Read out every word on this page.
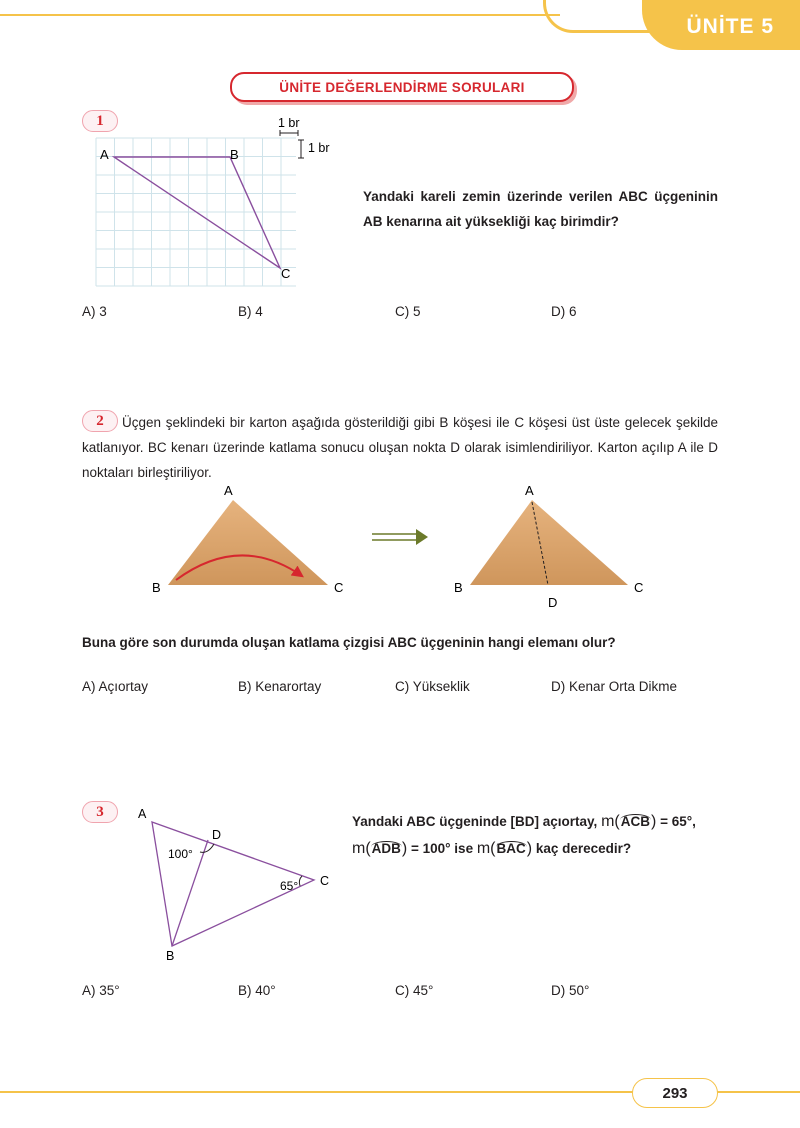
ÜNİTE 5
ÜNİTE DEĞERLENDİRME SORULARI
1
A	B
C
1 br
1 br
Yandaki kareli zemin üzerinde verilen ABC üçgeninin AB kenarına ait yüksekliği kaç birimdir?
A) 3	B) 4	C) 5	D) 6
2	Üçgen şeklindeki bir karton aşağıda gösterildiği gibi B köşesi ile C köşesi üst üste gelecek şekilde katlanıyor. BC kenarı üzerinde katlama sonucu oluşan nokta D olarak isimlendiriliyor. Karton açılıp A ile D noktaları birleştiriliyor.
A
B	C
A
B	C
D
Buna göre son durumda oluşan katlama çizgisi ABC üçgeninin hangi elemanı olur?
A) Açıortay	B) Kenarortay	C) Yükseklik	D) Kenar Orta Dikme
3	A
B
C
D
100°
65°
Yandaki ABC üçgeninde [BD] açıortay, m(ACB) = 65°,
m(ADB) = 100° ise m(BAC) kaç derecedir?
A) 35°	B) 40°	C) 45°	D) 50°
293
